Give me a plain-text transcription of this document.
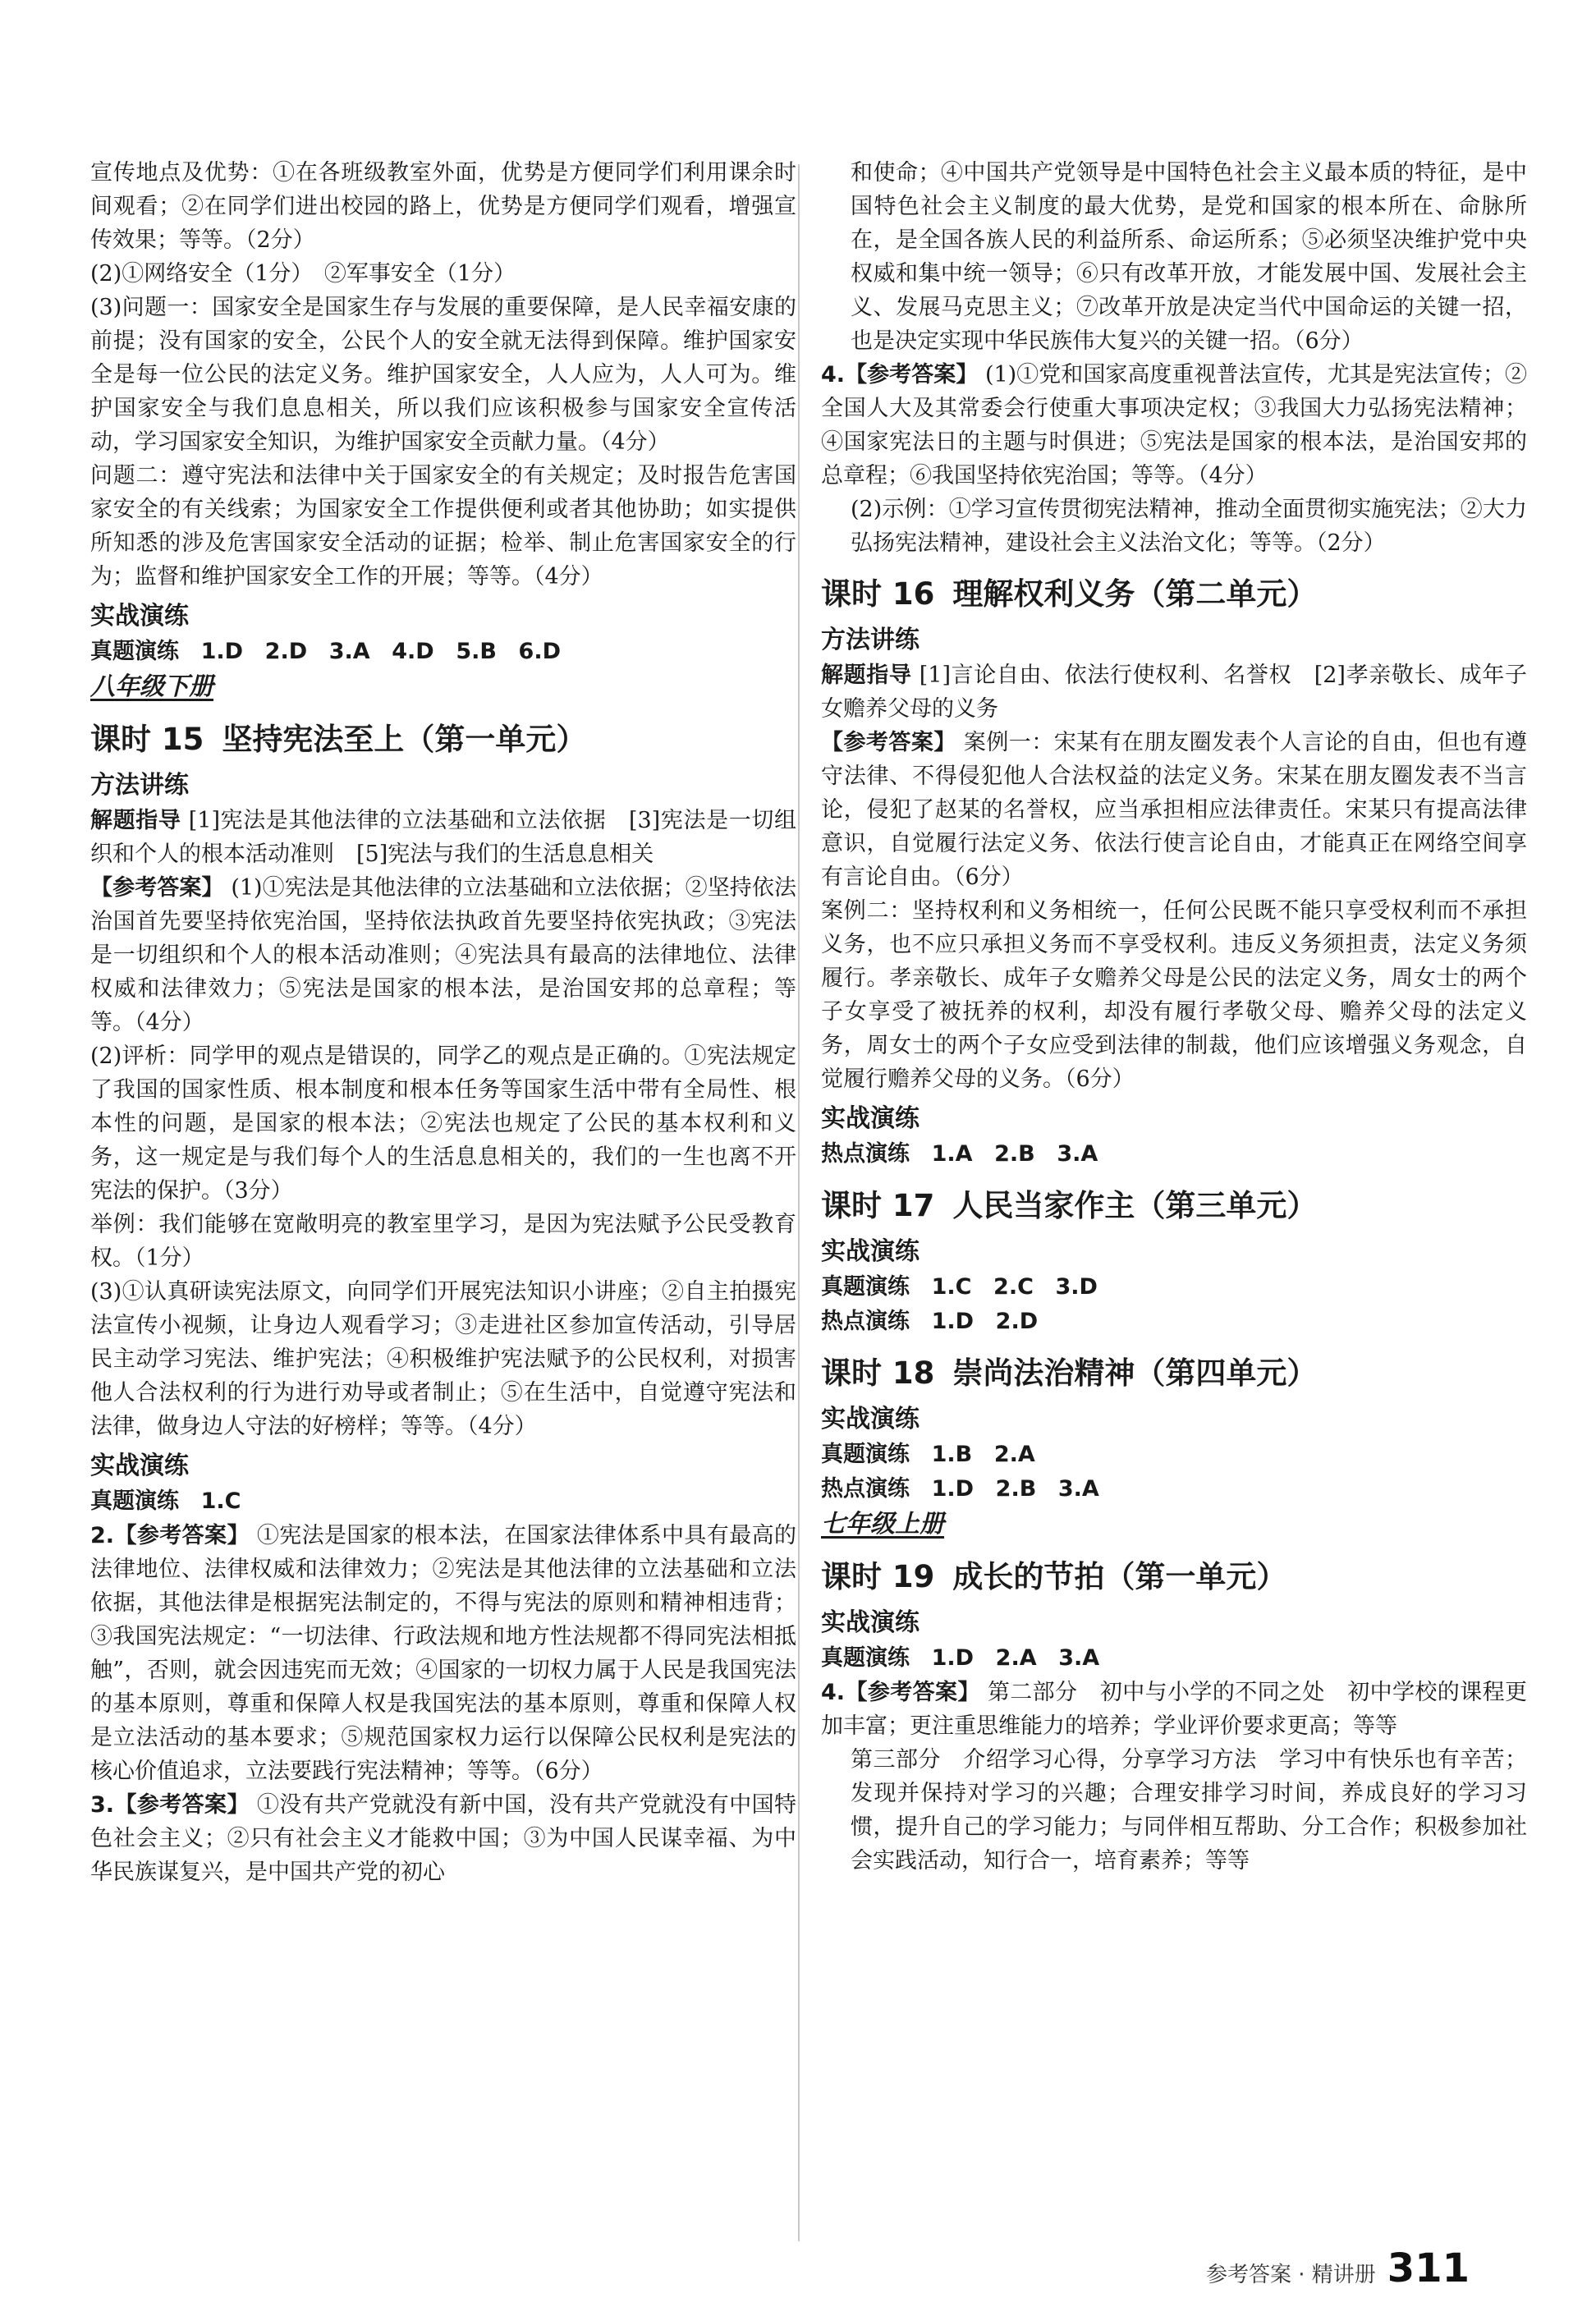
宣传地点及优势：①在各班级教室外面，优势是方便同学们利用课余时间观看；②在同学们进出校园的路上，优势是方便同学们观看，增强宣传效果；等等。（2分）

(2)①网络安全（1分）　②军事安全（1分）

(3)问题一：国家安全是国家生存与发展的重要保障，是人民幸福安康的前提；没有国家的安全，公民个人的安全就无法得到保障。维护国家安全是每一位公民的法定义务。维护国家安全，人人应为，人人可为。维护国家安全与我们息息相关，所以我们应该积极参与国家安全宣传活动，学习国家安全知识，为维护国家安全贡献力量。（4分）

问题二：遵守宪法和法律中关于国家安全的有关规定；及时报告危害国家安全的有关线索；为国家安全工作提供便利或者其他协助；如实提供所知悉的涉及危害国家安全活动的证据；检举、制止危害国家安全的行为；监督和维护国家安全工作的开展；等等。（4分）

实战演练
真题演练 1.D 2.D 3.A 4.D 5.B 6.D
八年级下册
课时 15 坚持宪法至上（第一单元）
方法讲练

解题指导 [1]宪法是其他法律的立法基础和立法依据　[3]宪法是一切组织和个人的根本活动准则　[5]宪法与我们的生活息息相关

【参考答案】 (1)①宪法是其他法律的立法基础和立法依据；②坚持依法治国首先要坚持依宪治国，坚持依法执政首先要坚持依宪执政；③宪法是一切组织和个人的根本活动准则；④宪法具有最高的法律地位、法律权威和法律效力；⑤宪法是国家的根本法，是治国安邦的总章程；等等。（4分）

(2)评析：同学甲的观点是错误的，同学乙的观点是正确的。①宪法规定了我国的国家性质、根本制度和根本任务等国家生活中带有全局性、根本性的问题，是国家的根本法；②宪法也规定了公民的基本权利和义务，这一规定是与我们每个人的生活息息相关的，我们的一生也离不开宪法的保护。（3分）

举例：我们能够在宽敞明亮的教室里学习，是因为宪法赋予公民受教育权。（1分）

(3)①认真研读宪法原文，向同学们开展宪法知识小讲座；②自主拍摄宪法宣传小视频，让身边人观看学习；③走进社区参加宣传活动，引导居民主动学习宪法、维护宪法；④积极维护宪法赋予的公民权利，对损害他人合法权利的行为进行劝导或者制止；⑤在生活中，自觉遵守宪法和法律，做身边人守法的好榜样；等等。（4分）

实战演练
真题演练 1.C

2.【参考答案】 ①宪法是国家的根本法，在国家法律体系中具有最高的法律地位、法律权威和法律效力；②宪法是其他法律的立法基础和立法依据，其他法律是根据宪法制定的，不得与宪法的原则和精神相违背；③我国宪法规定：“一切法律、行政法规和地方性法规都不得同宪法相抵触”，否则，就会因违宪而无效；④国家的一切权力属于人民是我国宪法的基本原则，尊重和保障人权是我国宪法的基本原则，尊重和保障人权是立法活动的基本要求；⑤规范国家权力运行以保障公民权利是宪法的核心价值追求，立法要践行宪法精神；等等。（6分）

3.【参考答案】 ①没有共产党就没有新中国，没有共产党就没有中国特色社会主义；②只有社会主义才能救中国；③为中国人民谋幸福、为中华民族谋复兴，是中国共产党的初心

和使命；④中国共产党领导是中国特色社会主义最本质的特征，是中国特色社会主义制度的最大优势，是党和国家的根本所在、命脉所在，是全国各族人民的利益所系、命运所系；⑤必须坚决维护党中央权威和集中统一领导；⑥只有改革开放，才能发展中国、发展社会主义、发展马克思主义；⑦改革开放是决定当代中国命运的关键一招，也是决定实现中华民族伟大复兴的关键一招。（6分）

4.【参考答案】 (1)①党和国家高度重视普法宣传，尤其是宪法宣传；②全国人大及其常委会行使重大事项决定权；③我国大力弘扬宪法精神；④国家宪法日的主题与时俱进；⑤宪法是国家的根本法，是治国安邦的总章程；⑥我国坚持依宪治国；等等。（4分）

(2)示例：①学习宣传贯彻宪法精神，推动全面贯彻实施宪法；②大力弘扬宪法精神，建设社会主义法治文化；等等。（2分）

课时 16 理解权利义务（第二单元）
方法讲练

解题指导 [1]言论自由、依法行使权利、名誉权　[2]孝亲敬长、成年子女赡养父母的义务

【参考答案】 案例一：宋某有在朋友圈发表个人言论的自由，但也有遵守法律、不得侵犯他人合法权益的法定义务。宋某在朋友圈发表不当言论，侵犯了赵某的名誉权，应当承担相应法律责任。宋某只有提高法律意识，自觉履行法定义务、依法行使言论自由，才能真正在网络空间享有言论自由。（6分）

案例二：坚持权利和义务相统一，任何公民既不能只享受权利而不承担义务，也不应只承担义务而不享受权利。违反义务须担责，法定义务须履行。孝亲敬长、成年子女赡养父母是公民的法定义务，周女士的两个子女享受了被抚养的权利，却没有履行孝敬父母、赡养父母的法定义务，周女士的两个子女应受到法律的制裁，他们应该增强义务观念，自觉履行赡养父母的义务。（6分）

实战演练
热点演练 1.A 2.B 3.A
课时 17 人民当家作主（第三单元）
实战演练
真题演练 1.C 2.C 3.D
热点演练 1.D 2.D
课时 18 崇尚法治精神（第四单元）
实战演练
真题演练 1.B 2.A
热点演练 1.D 2.B 3.A
七年级上册
课时 19 成长的节拍（第一单元）
实战演练
真题演练 1.D 2.A 3.A

4.【参考答案】 第二部分　初中与小学的不同之处　初中学校的课程更加丰富；更注重思维能力的培养；学业评价要求更高；等等

第三部分　介绍学习心得，分享学习方法　学习中有快乐也有辛苦；发现并保持对学习的兴趣；合理安排学习时间，养成良好的学习习惯，提升自己的学习能力；与同伴相互帮助、分工合作；积极参加社会实践活动，知行合一，培育素养；等等

参考答案 · 精讲册 311
